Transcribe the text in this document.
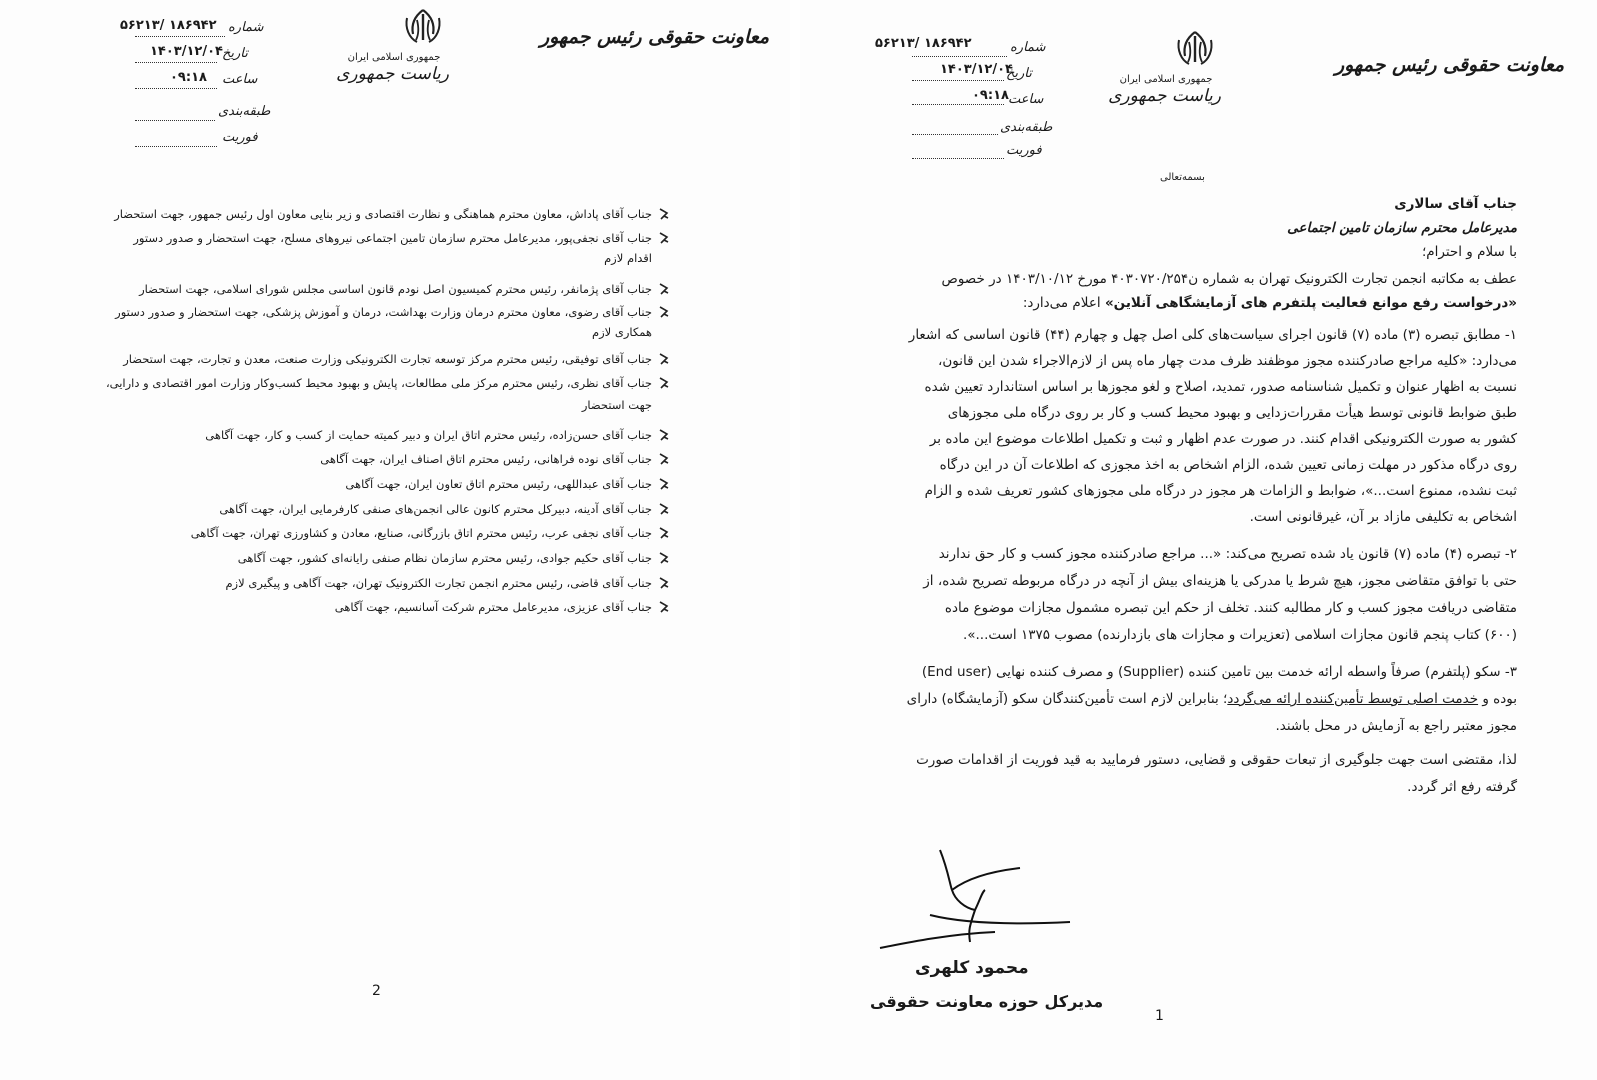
معاونت حقوقی رئیس جمهور
جمهوری اسلامی ایران
ریاست جمهوری
شماره
۵۶۲۱۳/ ۱۸۶۹۴۲
تاریخ
۱۴۰۳/۱۲/۰۴
ساعت
۰۹:۱۸
طبقه‌بندی
فوریت
جناب آقای پاداش، معاون محترم هماهنگی و نظارت اقتصادی و زیر بنایی معاون اول رئیس جمهور، جهت استحضار
جناب آقای نجفی‌پور، مدیرعامل محترم سازمان تامین اجتماعی نیروهای مسلح، جهت استحضار و صدور دستور
اقدام لازم
جناب آقای پژمانفر، رئیس محترم کمیسیون اصل نودم قانون اساسی مجلس شورای اسلامی، جهت استحضار
جناب آقای رضوی، معاون محترم درمان وزارت بهداشت، درمان و آموزش پزشکی، جهت استحضار و صدور دستور
همکاری لازم
جناب آقای توفیقی، رئیس محترم مرکز توسعه تجارت الکترونیکی وزارت صنعت، معدن و تجارت، جهت استحضار
جناب آقای نظری، رئیس محترم مرکز ملی مطالعات، پایش و بهبود محیط کسب‌وکار وزارت امور اقتصادی و دارایی،
جهت استحضار
جناب آقای حسن‌زاده، رئیس محترم اتاق ایران و دبیر کمیته حمایت از کسب و کار، جهت آگاهی
جناب آقای نوده فراهانی، رئیس محترم اتاق اصناف ایران، جهت آگاهی
جناب آقای عبداللهی، رئیس محترم اتاق تعاون ایران، جهت آگاهی
جناب آقای آدینه، دبیرکل محترم کانون عالی انجمن‌های صنفی کارفرمایی ایران، جهت آگاهی
جناب آقای نجفی عرب، رئیس محترم اتاق بازرگانی، صنایع، معادن و کشاورزی تهران، جهت آگاهی
جناب آقای حکیم جوادی، رئیس محترم سازمان نظام صنفی رایانه‌ای کشور، جهت آگاهی
جناب آقای قاضی، رئیس محترم انجمن تجارت الکترونیک تهران، جهت آگاهی و پیگیری لازم
جناب آقای عزیزی، مدیرعامل محترم شرکت آسانسیم، جهت آگاهی
2
معاونت حقوقی رئیس جمهور
جمهوری اسلامی ایران
ریاست جمهوری
شماره
۵۶۲۱۳/ ۱۸۶۹۴۲
تاریخ
۱۴۰۳/۱۲/۰۴
ساعت
۰۹:۱۸
طبقه‌بندی
فوریت
بسمه‌تعالی
جناب آقای سالاری
مدیرعامل محترم سازمان تامین اجتماعی
با سلام و احترام؛
عطف به مکاتبه انجمن تجارت الکترونیک تهران به شماره ن۴۰۳۰۷۲۰/۲۵۴ مورخ ۱۴۰۳/۱۰/۱۲ در خصوص
«درخواست رفع موانع فعالیت پلتفرم های آزمایشگاهی آنلاین» اعلام می‌دارد:
۱- مطابق تبصره (۳) ماده (۷) قانون اجرای سیاست‌های کلی اصل چهل و چهارم (۴۴) قانون اساسی که اشعار
می‌دارد: «کلیه مراجع صادرکننده مجوز موظفند ظرف مدت چهار ماه پس از لازم‌الاجراء شدن این قانون،
نسبت به اظهار عنوان و تکمیل شناسنامه صدور، تمدید، اصلاح و لغو مجوزها بر اساس استاندارد تعیین شده
طبق ضوابط قانونی توسط هیأت مقررات‌زدایی و بهبود محیط کسب و کار بر روی درگاه ملی مجوزهای
کشور به صورت الکترونیکی اقدام کنند. در صورت عدم اظهار و ثبت و تکمیل اطلاعات موضوع این ماده بر
روی درگاه مذکور در مهلت زمانی تعیین شده، الزام اشخاص به اخذ مجوزی که اطلاعات آن در این درگاه
ثبت نشده، ممنوع است...»، ضوابط و الزامات هر مجوز در درگاه ملی مجوزهای کشور تعریف شده و الزام
اشخاص به تکلیفی مازاد بر آن، غیرقانونی است.
۲- تبصره (۴) ماده (۷) قانون یاد شده تصریح می‌کند: «... مراجع صادرکننده مجوز کسب و کار حق ندارند
حتی با توافق متقاضی مجوز، هیچ شرط یا مدرکی یا هزینه‌ای بیش از آنچه در درگاه مربوطه تصریح شده، از
متقاضی دریافت مجوز کسب و کار مطالبه کنند. تخلف از حکم این تبصره مشمول مجازات موضوع ماده
(۶۰۰) کتاب پنجم قانون مجازات اسلامی (تعزیرات و مجازات های بازدارنده) مصوب ۱۳۷۵ است...».
۳- سکو (پلتفرم) صرفاً واسطه ارائه خدمت بین تامین کننده (Supplier) و مصرف کننده نهایی (End user)
بوده و خدمت اصلی توسط تأمین‌کننده ارائه می‌گردد؛ بنابراین لازم است تأمین‌کنندگان سکو (آزمایشگاه) دارای
مجوز معتبر راجع به آزمایش در محل باشند.
لذا، مقتضی است جهت جلوگیری از تبعات حقوقی و قضایی، دستور فرمایید به قید فوریت از اقدامات صورت
گرفته رفع اثر گردد.
محمود کلهری
مدیرکل حوزه معاونت حقوقی
1
